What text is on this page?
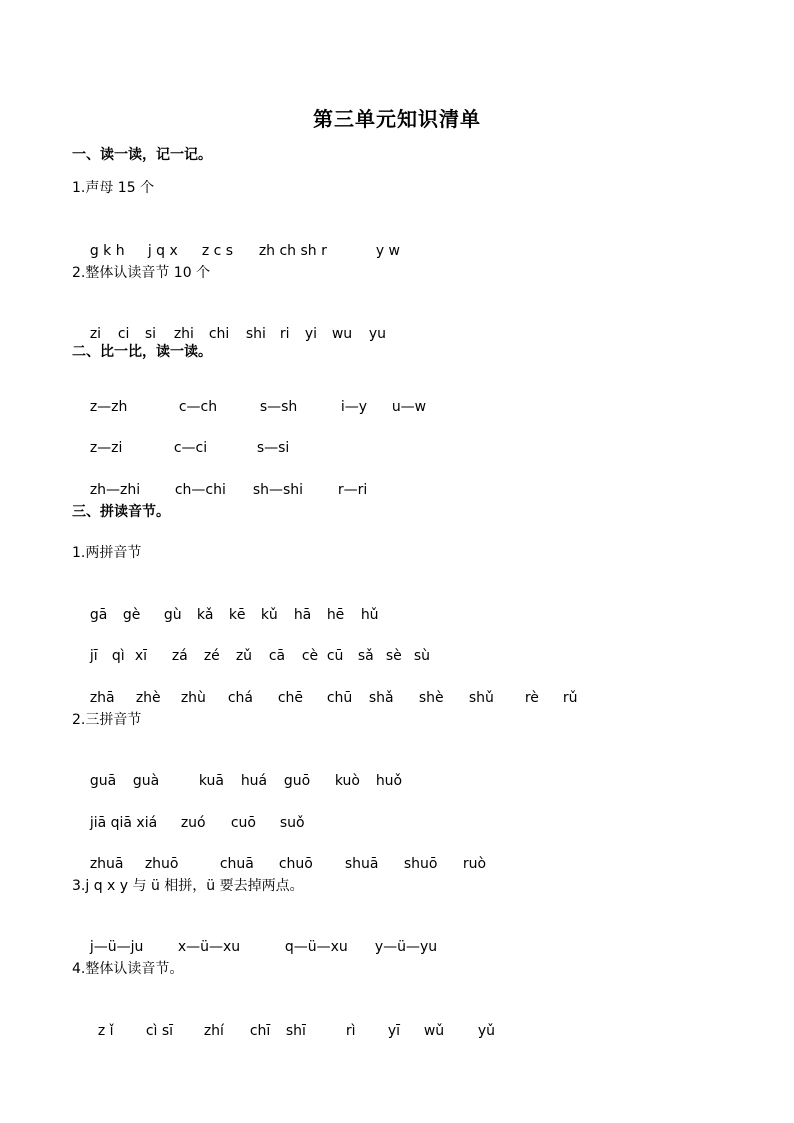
第三单元知识清单
一、读一读，记一记。
1.声母 15 个

g k h j q x z c s zh ch sh r	y w

2.整体认读音节 10 个

zi ci si zhi chi shi ri yi wu yu

二、比一比，读一读。

z—zh	c—ch	s—sh	i—y u—w

z—zi	c—ci	s—si

zh—zhi ch—chi sh—shi r—ri

三、拼读音节。
1.两拼音节

gā gè gù kǎ kē kǔ hā hē hǔ

jī qì xī zá zé zǔ cā cè cū sǎ sè sù

zhā zhè zhù chá chē chū shǎ shè shǔ rè rǔ

2.三拼音节

guā guà	kuā huá guō kuò huǒ

jiā qiā xiá zuó cuō suǒ

zhuā zhuō	chuā chuō shuā shuō ruò

3.j q x y 与 ü 相拼，ü 要去掉两点。

j—ü—ju x—ü—xu	q—ü—xu y—ü—yu

4.整体认读音节。

z ǐ cì sī zhí chī shī	rì yī wǔ yǔ
